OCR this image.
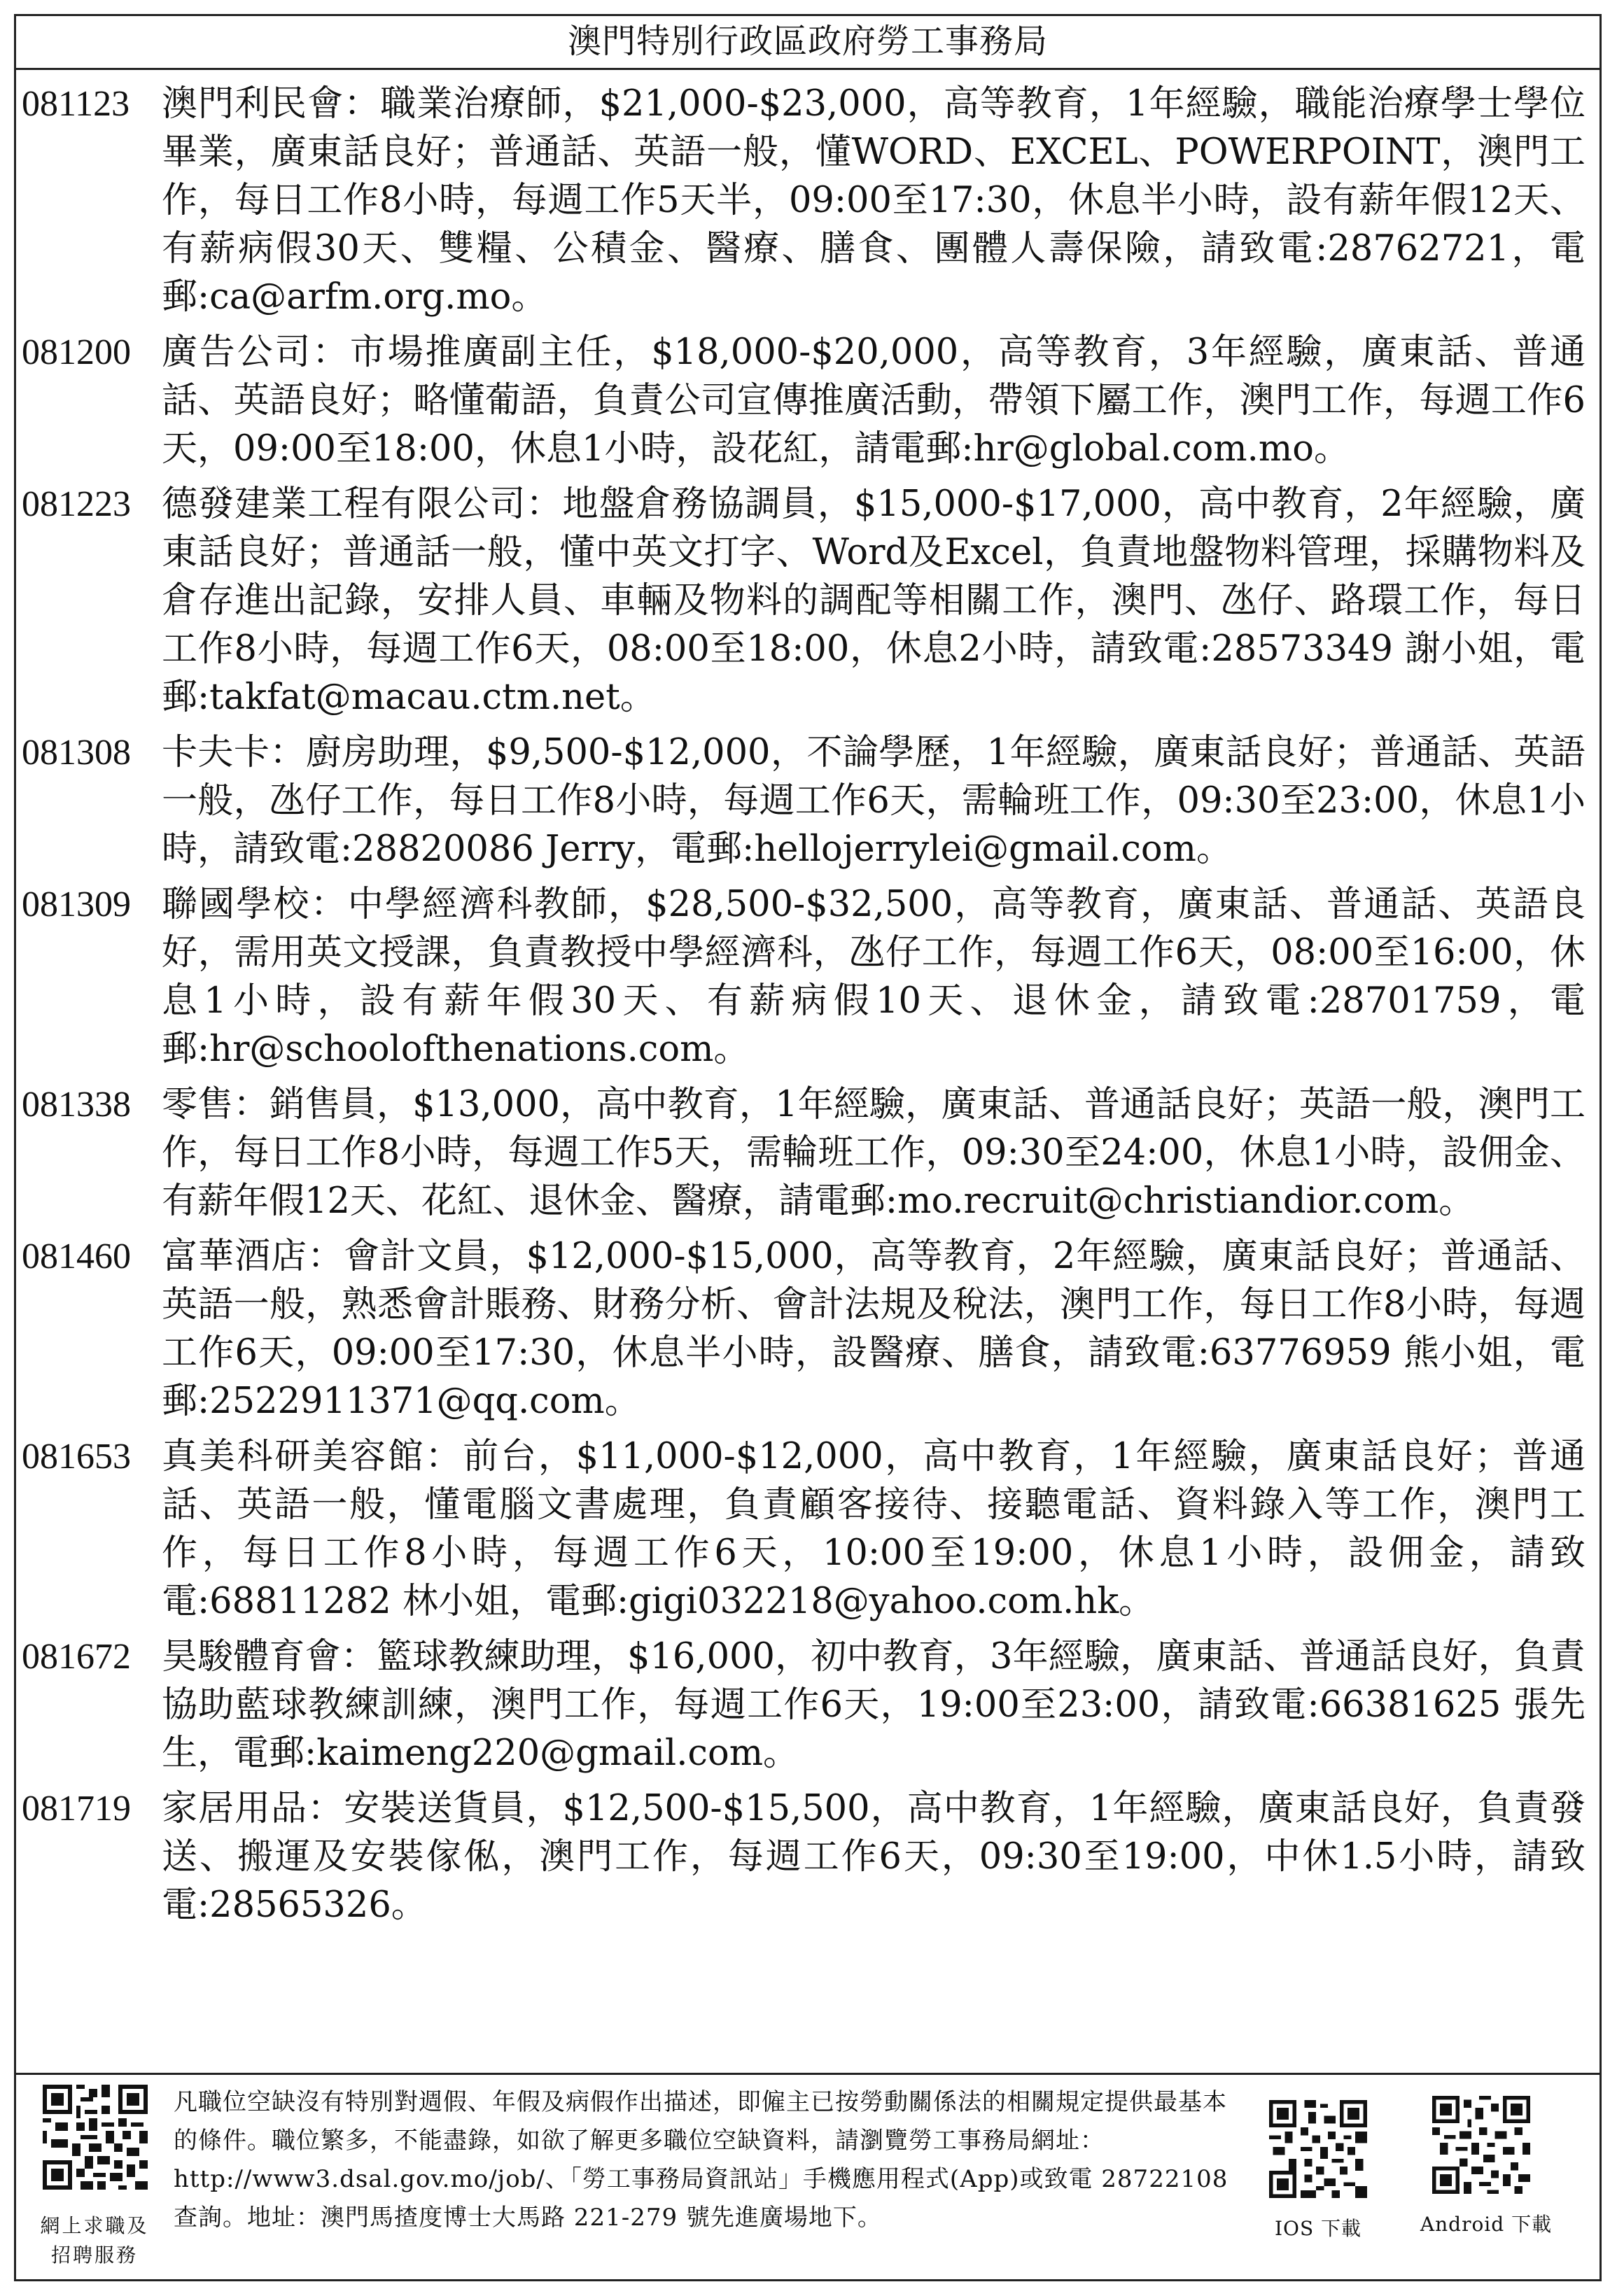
澳門特別行政區政府勞工事務局
081123 澳門利民會：職業治療師，$21,000-$23,000，高等教育，1年經驗，職能治療學士學位畢業，廣東話良好；普通話、英語一般，懂WORD、EXCEL、POWERPOINT，澳門工作，每日工作8小時，每週工作5天半，09:00至17:30，休息半小時，設有薪年假12天、有薪病假30天、雙糧、公積金、醫療、膳食、團體人壽保險，請致電:28762721，電郵:ca@arfm.org.mo。
081200 廣告公司：市場推廣副主任，$18,000-$20,000，高等教育，3年經驗，廣東話、普通話、英語良好；略懂葡語，負責公司宣傳推廣活動，帶領下屬工作，澳門工作，每週工作6天，09:00至18:00，休息1小時，設花紅，請電郵:hr@global.com.mo。
081223 德發建業工程有限公司：地盤倉務協調員，$15,000-$17,000，高中教育，2年經驗，廣東話良好；普通話一般，懂中英文打字、Word及Excel，負責地盤物料管理，採購物料及倉存進出記錄，安排人員、車輛及物料的調配等相關工作，澳門、氹仔、路環工作，每日工作8小時，每週工作6天，08:00至18:00，休息2小時，請致電:28573349 謝小姐，電郵:takfat@macau.ctm.net。
081308 卡夫卡：廚房助理，$9,500-$12,000，不論學歷，1年經驗，廣東話良好；普通話、英語一般，氹仔工作，每日工作8小時，每週工作6天，需輪班工作，09:30至23:00，休息1小時，請致電:28820086 Jerry，電郵:hellojerrylei@gmail.com。
081309 聯國學校：中學經濟科教師，$28,500-$32,500，高等教育，廣東話、普通話、英語良好，需用英文授課，負責教授中學經濟科，氹仔工作，每週工作6天，08:00至16:00，休息1小時，設有薪年假30天、有薪病假10天、退休金，請致電:28701759，電郵:hr@schoolofthenations.com。
081338 零售：銷售員，$13,000，高中教育，1年經驗，廣東話、普通話良好；英語一般，澳門工作，每日工作8小時，每週工作5天，需輪班工作，09:30至24:00，休息1小時，設佣金、有薪年假12天、花紅、退休金、醫療，請電郵:mo.recruit@christiandior.com。
081460 富華酒店：會計文員，$12,000-$15,000，高等教育，2年經驗，廣東話良好；普通話、英語一般，熟悉會計賬務、財務分析、會計法規及稅法，澳門工作，每日工作8小時，每週工作6天，09:00至17:30，休息半小時，設醫療、膳食，請致電:63776959 熊小姐，電郵:2522911371@qq.com。
081653 真美科研美容館：前台，$11,000-$12,000，高中教育，1年經驗，廣東話良好；普通話、英語一般，懂電腦文書處理，負責顧客接待、接聽電話、資料錄入等工作，澳門工作，每日工作8小時，每週工作6天，10:00至19:00，休息1小時，設佣金，請致電:68811282 林小姐，電郵:gigi032218@yahoo.com.hk。
081672 昊駿體育會：籃球教練助理，$16,000，初中教育，3年經驗，廣東話、普通話良好，負責協助藍球教練訓練，澳門工作，每週工作6天，19:00至23:00，請致電:66381625 張先生，電郵:kaimeng220@gmail.com。
081719 家居用品：安裝送貨員，$12,500-$15,500，高中教育，1年經驗，廣東話良好，負責發送、搬運及安裝傢俬，澳門工作，每週工作6天，09:30至19:00，中休1.5小時，請致電:28565326。
網上求職及
招聘服務
凡職位空缺沒有特別對週假、年假及病假作出描述，即僱主已按勞動關係法的相關規定提供最基本的條件。職位繁多，不能盡錄，如欲了解更多職位空缺資料，請瀏覽勞工事務局網址：http://www3.dsal.gov.mo/job/、「勞工事務局資訊站」手機應用程式(App)或致電 28722108 查詢。地址：澳門馬揸度博士大馬路 221-279 號先進廣場地下。	IOS 下載	Android 下載
